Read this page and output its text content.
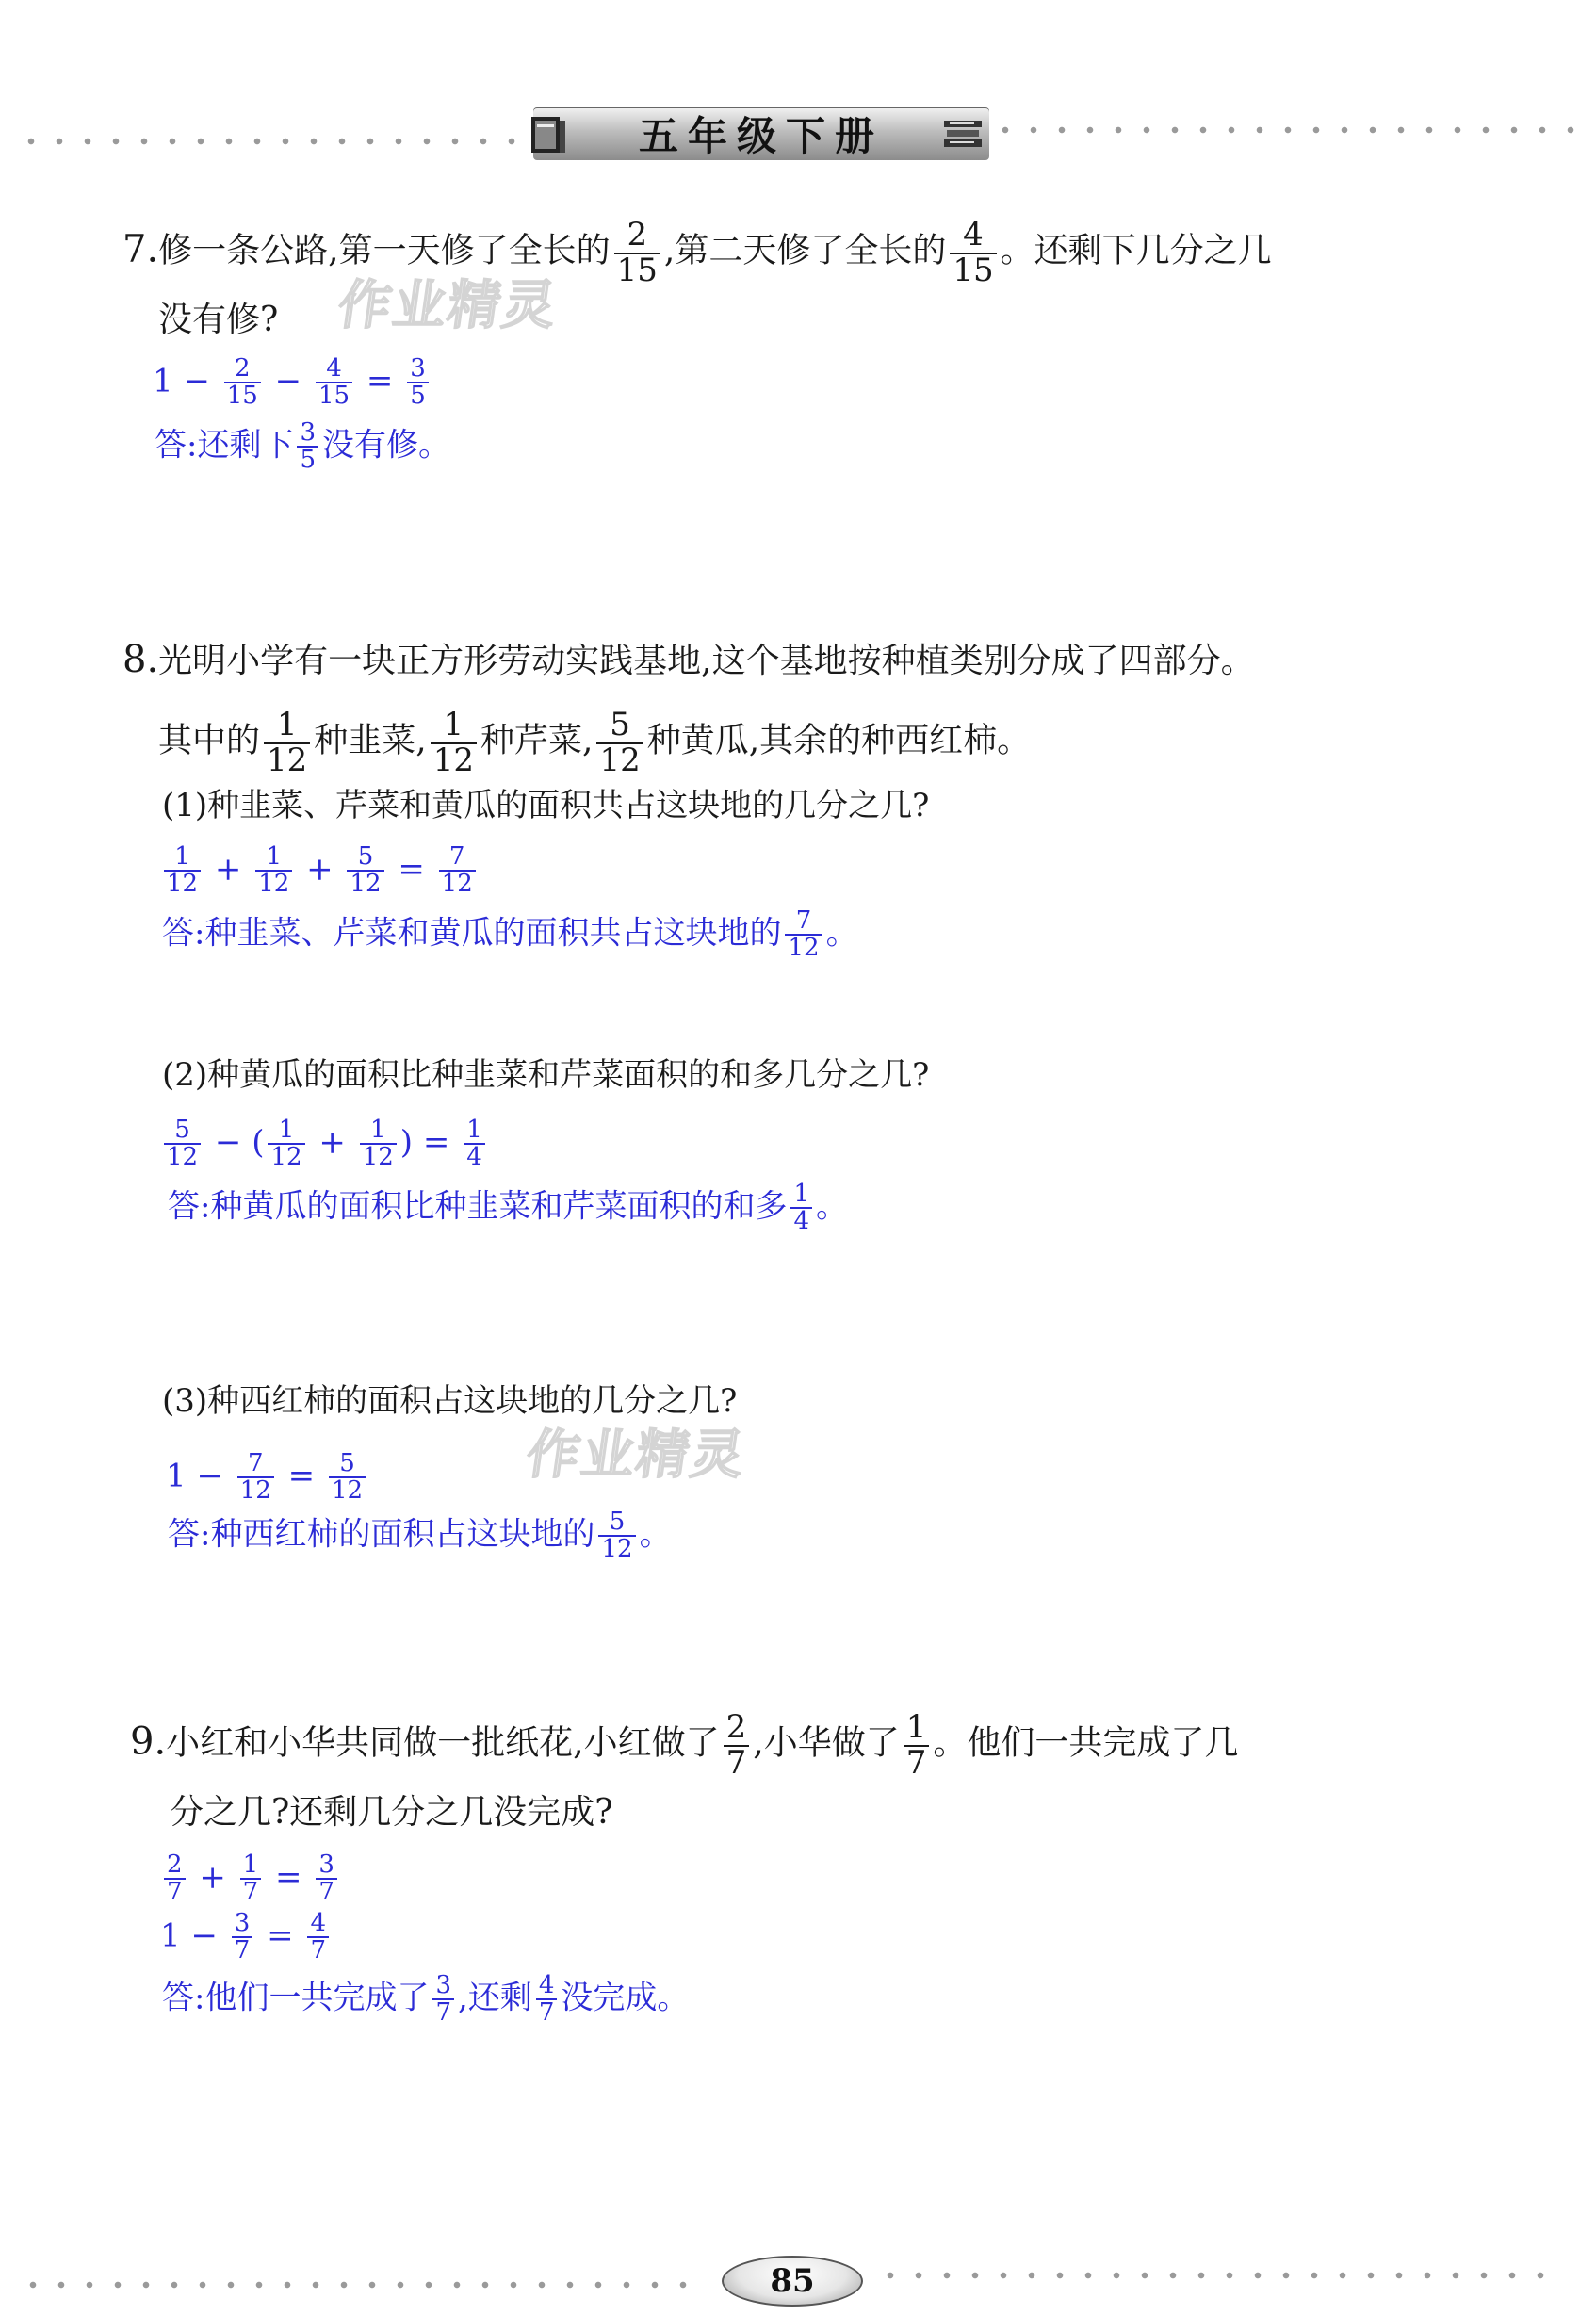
五年级下册
作业精灵
作业精灵
7.修一条公路,第一天修了全长的 $\frac{2}{15}$ ,第二天修了全长的 $\frac{4}{15}$ 。还剩下几分之几
没有修?
$1 - \frac{2}{15} - \frac{4}{15} = \frac{3}{5}$
答:还剩下 $\frac{3}{5}$ 没有修。
8.光明小学有一块正方形劳动实践基地,这个基地按种植类别分成了四部分。
其中的 $\frac{1}{12}$ 种韭菜, $\frac{1}{12}$ 种芹菜, $\frac{5}{12}$ 种黄瓜,其余的种西红柿。
(1)种韭菜、芹菜和黄瓜的面积共占这块地的几分之几?
$\frac{1}{12} + \frac{1}{12} + \frac{5}{12} = \frac{7}{12}$
答:种韭菜、芹菜和黄瓜的面积共占这块地的 $\frac{7}{12}$ 。
(2)种黄瓜的面积比种韭菜和芹菜面积的和多几分之几?
$\frac{5}{12}$ − ( $\frac{1}{12} + \frac{1}{12}$ ) = $\frac{1}{4}$
答:种黄瓜的面积比种韭菜和芹菜面积的和多 $\frac{1}{4}$ 。
(3)种西红柿的面积占这块地的几分之几?
$1 - \frac{7}{12} = \frac{5}{12}$
答:种西红柿的面积占这块地的 $\frac{5}{12}$ 。
9.小红和小华共同做一批纸花,小红做了 $\frac{2}{7}$ ,小华做了 $\frac{1}{7}$ 。他们一共完成了几
分之几?还剩几分之几没完成?
$\frac{2}{7} + \frac{1}{7} = \frac{3}{7}$
$1 - \frac{3}{7} = \frac{4}{7}$
答:他们一共完成了 $\frac{3}{7}$ ,还剩 $\frac{4}{7}$ 没完成。
85
